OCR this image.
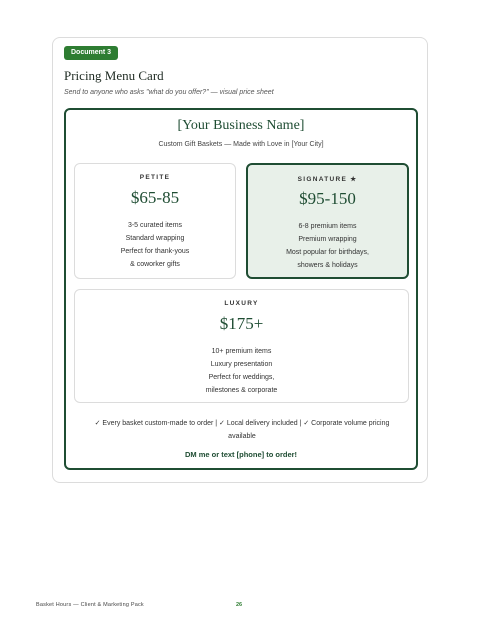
Document 3
Pricing Menu Card
Send to anyone who asks "what do you offer?" — visual price sheet
[Your Business Name]
Custom Gift Baskets — Made with Love in [Your City]
PETITE
$65-85
3-5 curated items
Standard wrapping
Perfect for thank-yous
& coworker gifts
SIGNATURE ★
$95-150
6-8 premium items
Premium wrapping
Most popular for birthdays,
showers & holidays
LUXURY
$175+
10+ premium items
Luxury presentation
Perfect for weddings,
milestones & corporate
✓ Every basket custom-made to order | ✓ Local delivery included | ✓ Corporate volume pricing
available
DM me or text [phone] to order!
Basket Hours — Client & Marketing Pack	26
